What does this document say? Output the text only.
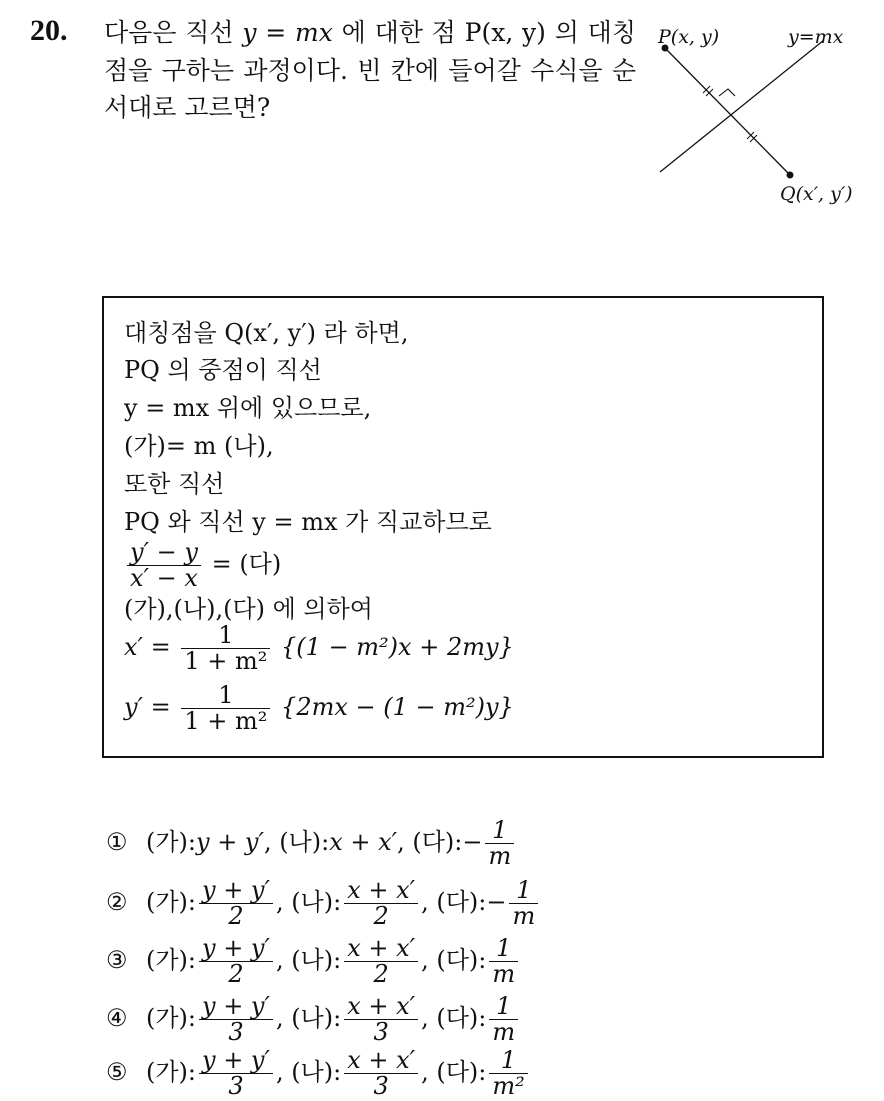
20. 다음은 직선 y = mx 에 대한 점 P(x, y) 의 대칭점을 구하는 과정이다. 빈 칸에 들어갈 수식을 순서대로 고르면?
P(x, y)	y=mx
Q(x′, y′)
대칭점을 Q(x′, y′) 라 하면,
PQ 의 중점이 직선
y = mx 위에 있으므로,
(가)= m (나),
또한 직선
PQ 와 직선 y = mx 가 직교하므로
$\frac{y' - y}{x' - x}$ = (다)
(가),(나),(다) 에 의하여
$x' = \frac{1}{\text{1 + m²}} \{(1 - m^2)x + 2my\}$
$y' = \frac{1}{\text{1 + m²}} \{2mx - (1 - m^2)y\}$
① (가):y + y′, (나):x + x′, (다):− $\frac{1}{m}$
② (가): $\frac{y + y'}{2}$ , (나): $\frac{x + x'}{2}$ , (다):− $\frac{1}{m}$
③ (가): $\frac{y + y'}{2}$ , (나): $\frac{x + x'}{2}$ , (다): $\frac{1}{m}$
④ (가): $\frac{y + y'}{3}$ , (나): $\frac{x + x'}{3}$ , (다): $\frac{1}{m}$
⑤ (가): $\frac{y + y'}{3}$ , (나): $\frac{x + x'}{3}$ , (다): $\frac{1}{\text{m²}}$
